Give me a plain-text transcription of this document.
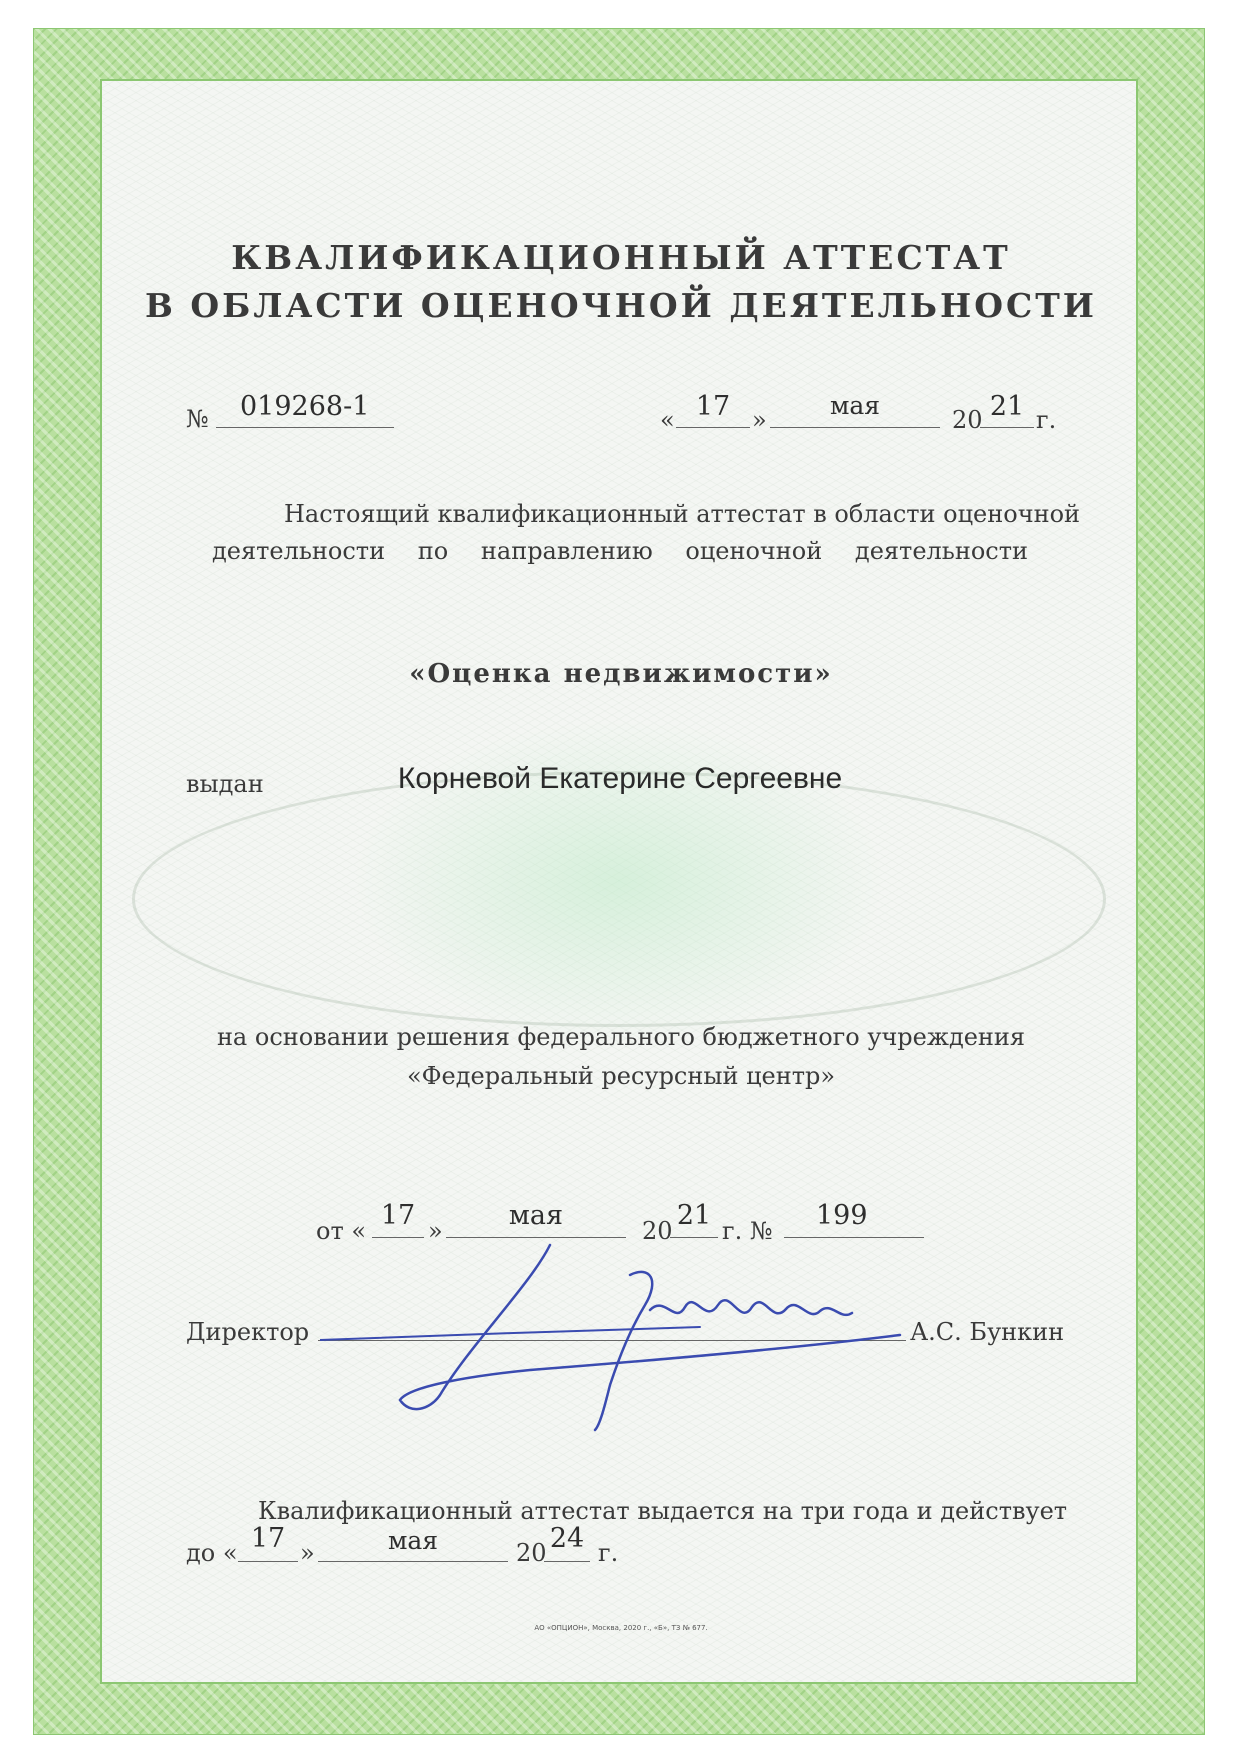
КВАЛИФИКАЦИОННЫЙ АТТЕСТАТ
В ОБЛАСТИ ОЦЕНОЧНОЙ ДЕЯТЕЛЬНОСТИ
№ 019268-1	« 17 »	мая	20 21 г.
Настоящий квалификационный аттестат в области оценочной
деятельности по направлению оценочной деятельности
«Оценка недвижимости»
выдан	Корневой Екатерине Сергеевне
на основании решения федерального бюджетного учреждения
«Федеральный ресурсный центр»
от « 17 »	мая	20 21 г. № 199
Директор	А.С. Бункин
Квалификационный аттестат выдается на три года и действует
до « 17 »	мая	20 24 г.
АО «ОПЦИОН», Москва, 2020 г., «Б», ТЗ № 677.
